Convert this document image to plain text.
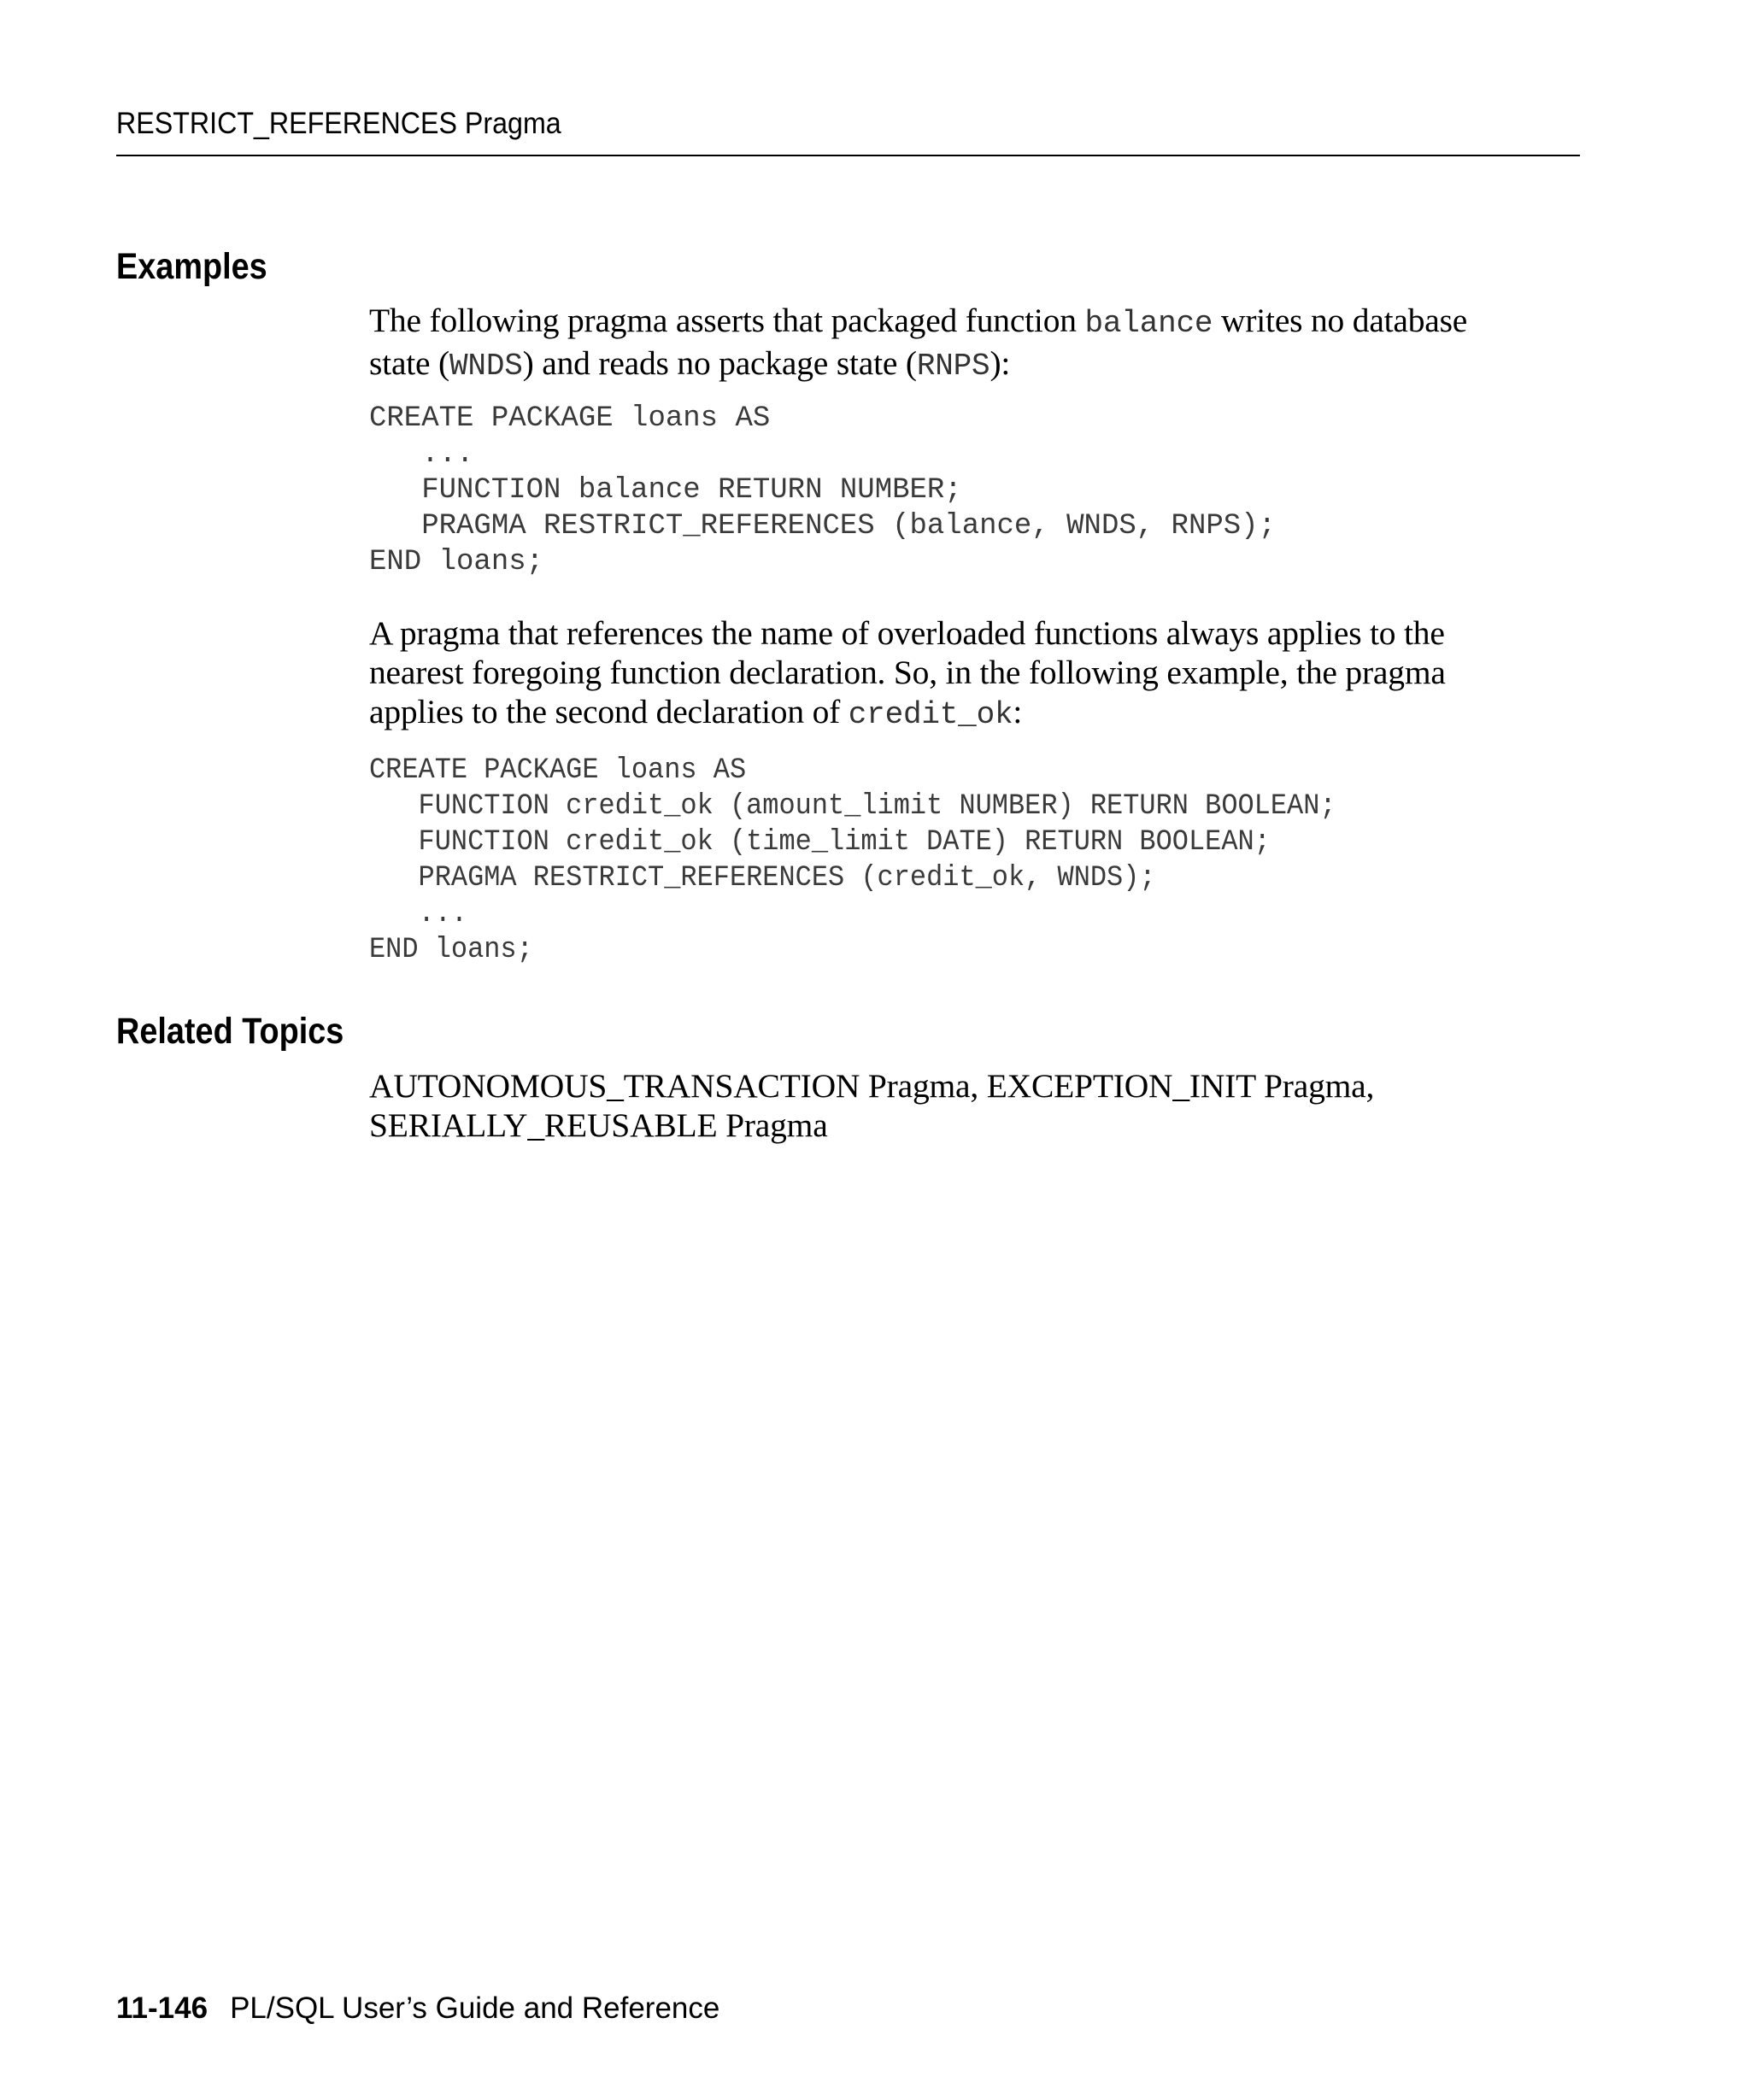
RESTRICT_REFERENCES Pragma
Examples
The following pragma asserts that packaged function balance writes no database
state (WNDS) and reads no package state (RNPS):
CREATE PACKAGE loans AS
...
FUNCTION balance RETURN NUMBER;
PRAGMA RESTRICT_REFERENCES (balance, WNDS, RNPS);
END loans;
A pragma that references the name of overloaded functions always applies to the
nearest foregoing function declaration. So, in the following example, the pragma
applies to the second declaration of credit_ok:
CREATE PACKAGE loans AS
FUNCTION credit_ok (amount_limit NUMBER) RETURN BOOLEAN;
FUNCTION credit_ok (time_limit DATE) RETURN BOOLEAN;
PRAGMA RESTRICT_REFERENCES (credit_ok, WNDS);
...
END loans;
Related Topics
AUTONOMOUS_TRANSACTION Pragma, EXCEPTION_INIT Pragma,
SERIALLY_REUSABLE Pragma
11-146 PL/SQL User’s Guide and Reference
